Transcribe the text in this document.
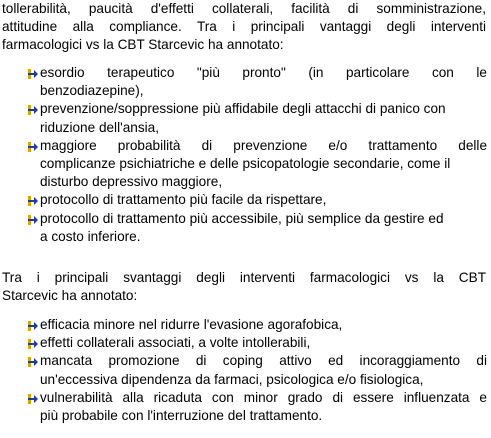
tollerabilità, paucità d'effetti collaterali, facilità di somministrazione,
attitudine alla compliance. Tra i principali vantaggi degli interventi
farmacologici vs la CBT Starcevic ha annotato:
esordio terapeutico "più pronto" (in particolare con le
benzodiazepine),
prevenzione/soppressione più affidabile degli attacchi di panico con
riduzione dell'ansia,
maggiore probabilità di prevenzione e/o trattamento delle
complicanze psichiatriche e delle psicopatologie secondarie, come il
disturbo depressivo maggiore,
protocollo di trattamento più facile da rispettare,
protocollo di trattamento più accessibile, più semplice da gestire ed
a costo inferiore.
Tra i principali svantaggi degli interventi farmacologici vs la CBT
Starcevic ha annotato:
efficacia minore nel ridurre l'evasione agorafobica,
effetti collaterali associati, a volte intollerabili,
mancata promozione di coping attivo ed incoraggiamento di
un'eccessiva dipendenza da farmaci, psicologica e/o fisiologica,
vulnerabilità alla ricaduta con minor grado di essere influenzata e
più probabile con l'interruzione del trattamento.
